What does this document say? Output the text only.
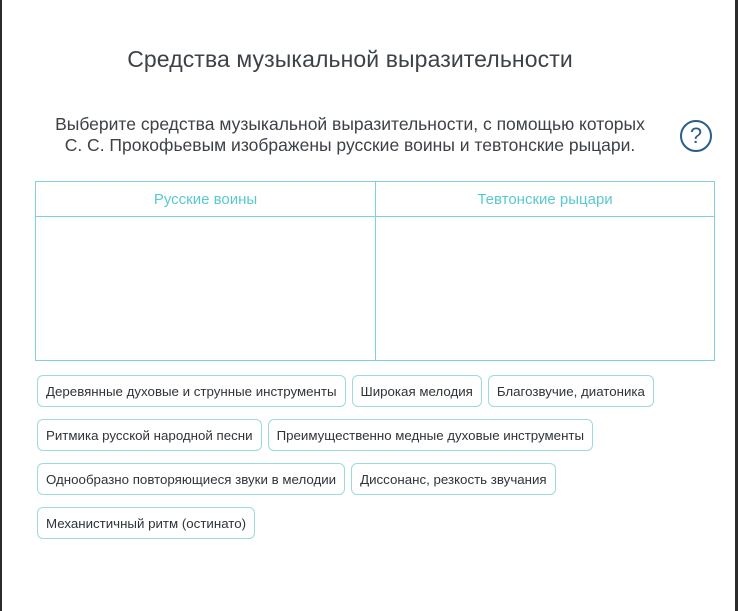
Средства музыкальной выразительности
Выберите средства музыкальной выразительности, с помощью которых
С. С. Прокофьевым изображены русские воины и тевтонские рыцари.	?
Русские воины	Тевтонские рыцари
Деревянные духовые и струнные инструменты	Широкая мелодия	Благозвучие, диатоника
Ритмика русской народной песни	Преимущественно медные духовые инструменты
Однообразно повторяющиеся звуки в мелодии	Диссонанс, резкость звучания
Механистичный ритм (остинато)
